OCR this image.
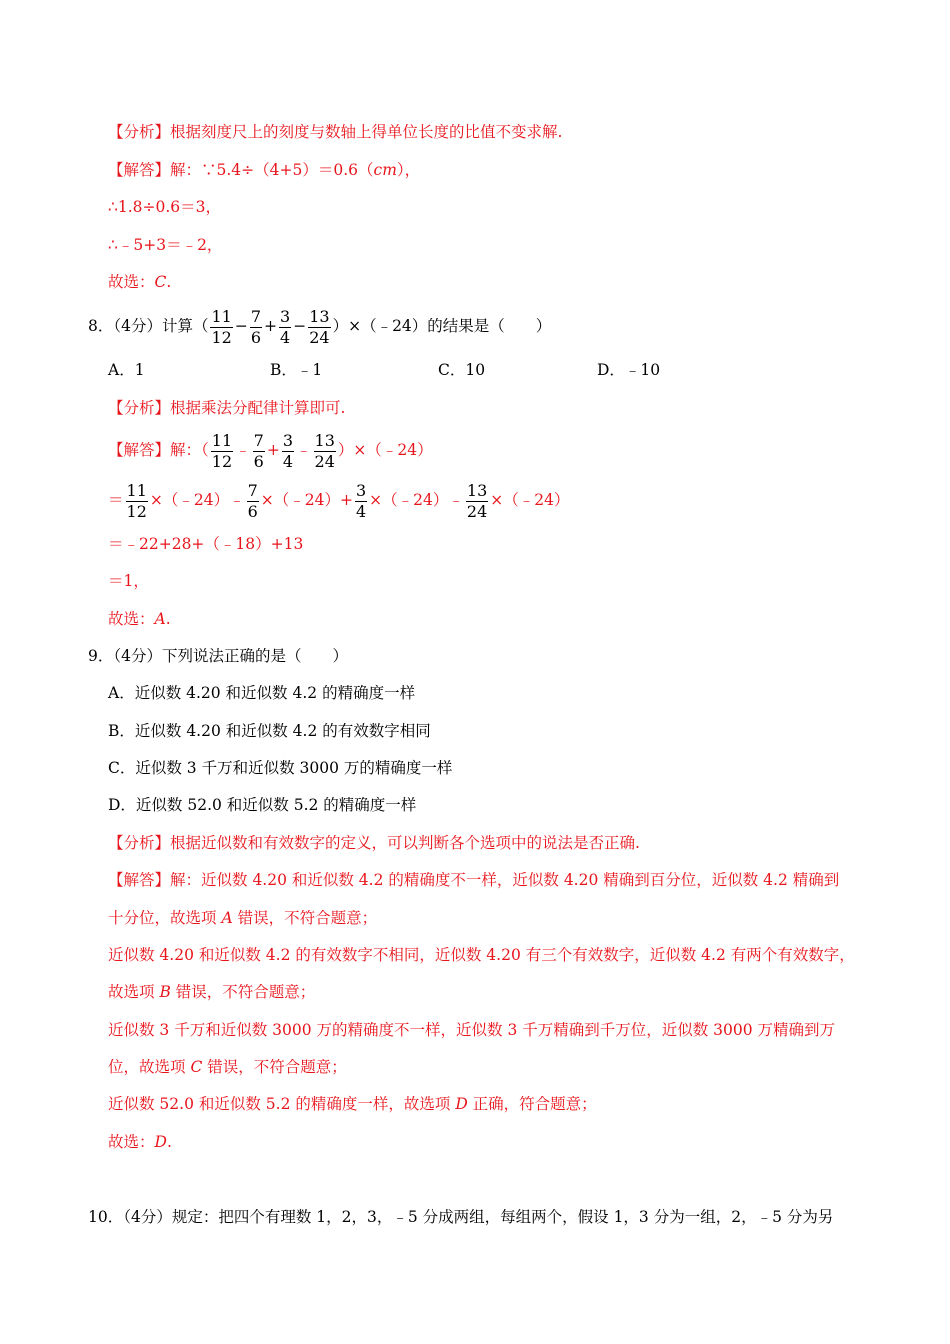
【分析】根据刻度尺上的刻度与数轴上得单位长度的比值不变求解.
【解答】解：∵5.4÷（4+5）＝0.6（cm），
∴1.8÷0.6＝3，
∴﹣5+3＝﹣2，
故选：C.
8．（4分）计算（ $\frac{11}{12} - \frac{7}{6} + \frac{3}{4} - \frac{13}{24}$ ）×（﹣24）的结果是（　　）
A．1	B．﹣1	C．10	D．﹣10
【分析】根据乘法分配律计算即可.
【解答】解：（ $\frac{11}{12}$ ﹣ $\frac{7}{6} + \frac{3}{4}$ ﹣ $\frac{13}{24}$ ）×（﹣24）
＝ $\frac{11}{12}$ ×（﹣24）﹣ $\frac{7}{6}$ ×（﹣24）+ $\frac{3}{4}$ ×（﹣24）﹣ $\frac{13}{24}$ ×（﹣24）
＝﹣22+28+（﹣18）+13
＝1，
故选：A.
9．（4分）下列说法正确的是（　　）
A．近似数 4.20 和近似数 4.2 的精确度一样
B．近似数 4.20 和近似数 4.2 的有效数字相同
C．近似数 3 千万和近似数 3000 万的精确度一样
D．近似数 52.0 和近似数 5.2 的精确度一样
【分析】根据近似数和有效数字的定义，可以判断各个选项中的说法是否正确.
【解答】解：近似数 4.20 和近似数 4.2 的精确度不一样，近似数 4.20 精确到百分位，近似数 4.2 精确到
十分位，故选项 A 错误，不符合题意；
近似数 4.20 和近似数 4.2 的有效数字不相同，近似数 4.20 有三个有效数字，近似数 4.2 有两个有效数字，
故选项 B 错误，不符合题意；
近似数 3 千万和近似数 3000 万的精确度不一样，近似数 3 千万精确到千万位，近似数 3000 万精确到万
位，故选项 C 错误，不符合题意；
近似数 52.0 和近似数 5.2 的精确度一样，故选项 D 正确，符合题意；
故选：D.
10．（4分）规定：把四个有理数 1，2，3，﹣5 分成两组，每组两个，假设 1，3 分为一组，2，﹣5 分为另
